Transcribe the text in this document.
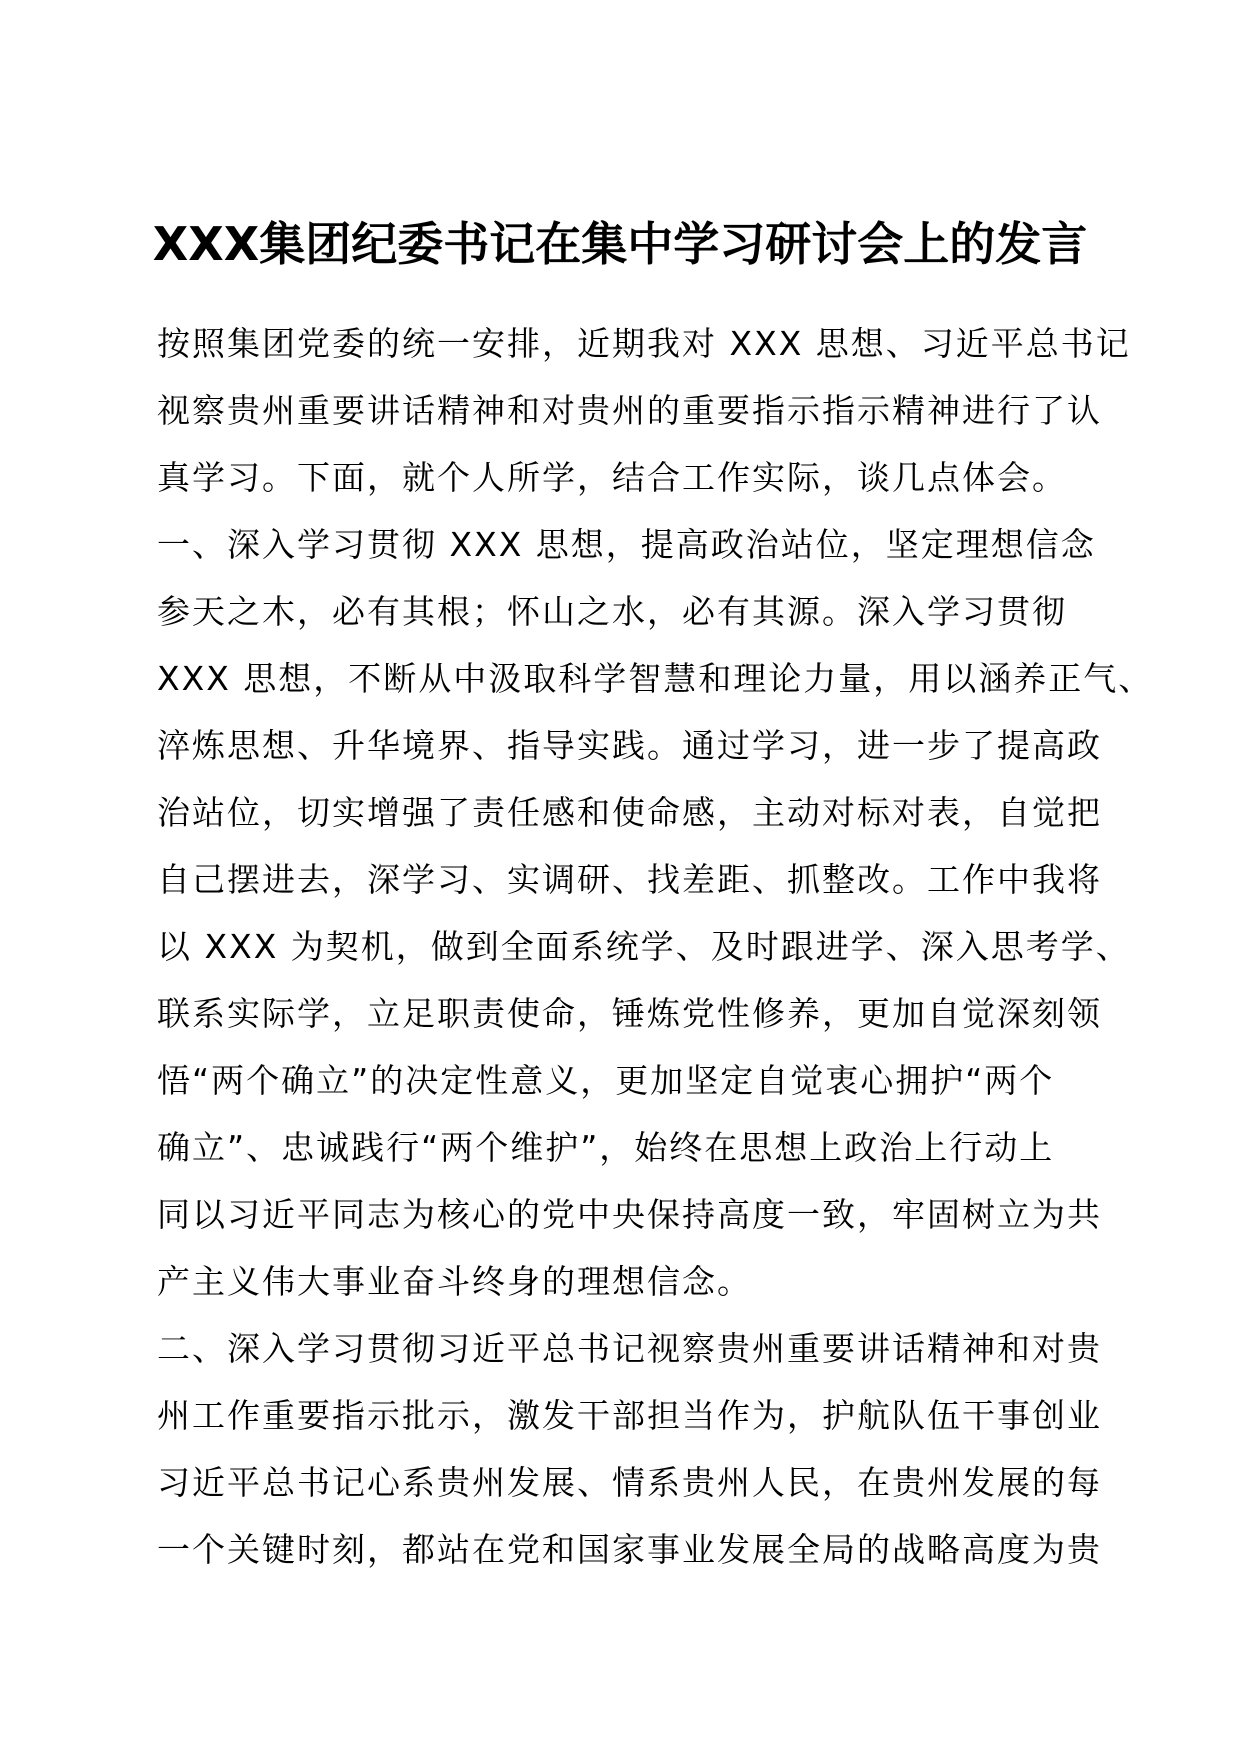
XXX集团纪委书记在集中学习研讨会上的发言
按照集团党委的统一安排，近期我对 XXX 思想、习近平总书记
视察贵州重要讲话精神和对贵州的重要指示指示精神进行了认
真学习。下面，就个人所学，结合工作实际，谈几点体会。
一、深入学习贯彻 XXX 思想，提高政治站位，坚定理想信念
参天之木，必有其根；怀山之水，必有其源。深入学习贯彻
XXX 思想，不断从中汲取科学智慧和理论力量，用以涵养正气、
淬炼思想、升华境界、指导实践。通过学习，进一步了提高政
治站位，切实增强了责任感和使命感，主动对标对表，自觉把
自己摆进去，深学习、实调研、找差距、抓整改。工作中我将
以 XXX 为契机，做到全面系统学、及时跟进学、深入思考学、
联系实际学，立足职责使命，锤炼党性修养，更加自觉深刻领
悟“两个确立”的决定性意义，更加坚定自觉衷心拥护“两个
确立”、忠诚践行“两个维护”，始终在思想上政治上行动上
同以习近平同志为核心的党中央保持高度一致，牢固树立为共
产主义伟大事业奋斗终身的理想信念。
二、深入学习贯彻习近平总书记视察贵州重要讲话精神和对贵
州工作重要指示批示，激发干部担当作为，护航队伍干事创业
习近平总书记心系贵州发展、情系贵州人民，在贵州发展的每
一个关键时刻，都站在党和国家事业发展全局的战略高度为贵
